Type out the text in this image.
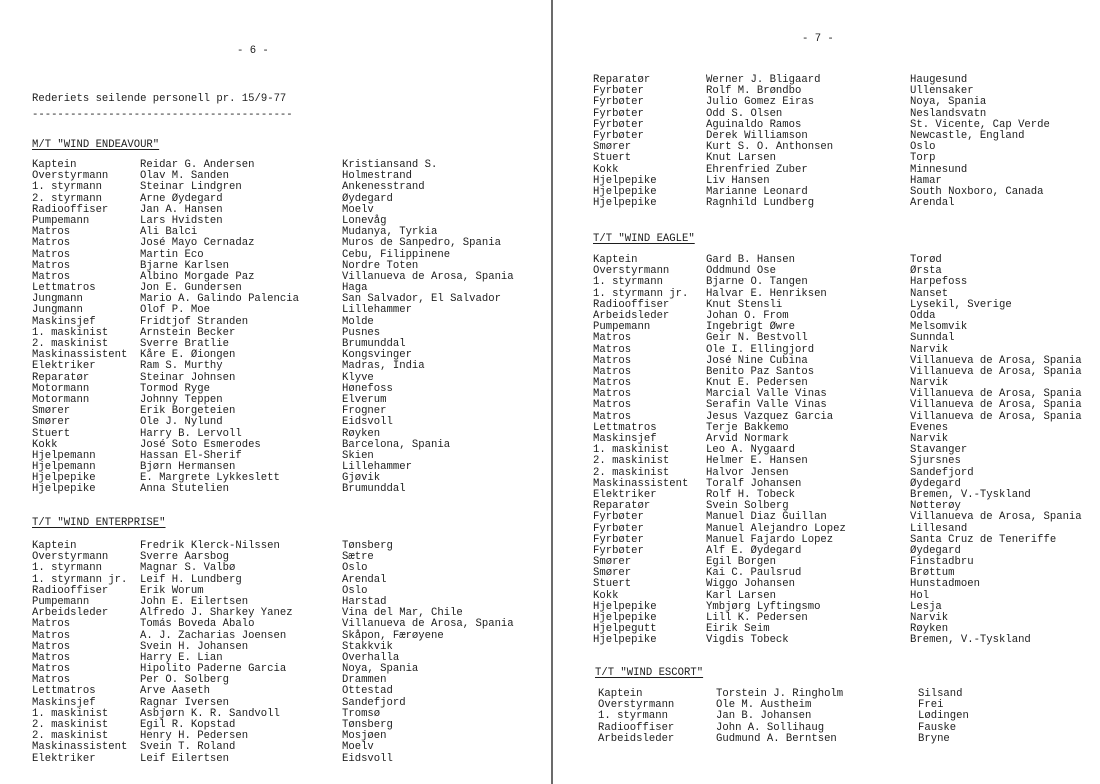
- 6 -
Rederiets seilende personell pr. 15/9-77
-----------------------------------------
M/T "WIND ENDEAVOUR"
Kaptein	Reidar G. Andersen	Kristiansand S.
Overstyrmann	Olav M. Sanden	Holmestrand
1. styrmann	Steinar Lindgren	Ankenesstrand
2. styrmann	Arne Øydegard	Øydegard
Radiooffiser	Jan A. Hansen	Moelv
Pumpemann	Lars Hvidsten	Lonevåg
Matros	Ali Balci	Mudanya, Tyrkia
Matros	José Mayo Cernadaz	Muros de Sanpedro, Spania
Matros	Martin Eco	Cebu, Filippinene
Matros	Bjarne Karlsen	Nordre Toten
Matros	Albino Morgade Paz	Villanueva de Arosa, Spania
Lettmatros	Jon E. Gundersen	Haga
Jungmann	Mario A. Galindo Palencia	San Salvador, El Salvador
Jungmann	Olof P. Moe	Lillehammer
Maskinsjef	Fridtjof Stranden	Molde
1. maskinist	Arnstein Becker	Pusnes
2. maskinist	Sverre Bratlie	Brumunddal
Maskinassistent Kåre E. Øiongen	Kongsvinger
Elektriker	Ram S. Murthy	Madras, India
Reparatør	Steinar Johnsen	Klyve
Motormann	Tormod Ryge	Hønefoss
Motormann	Johnny Teppen	Elverum
Smører	Erik Borgeteien	Frogner
Smører	Ole J. Nylund	Eidsvoll
Stuert	Harry B. Lervoll	Røyken
Kokk	José Soto Esmerodes	Barcelona, Spania
Hjelpemann	Hassan El-Sherif	Skien
Hjelpemann	Bjørn Hermansen	Lillehammer
Hjelpepike	E. Margrete Lykkeslett	Gjøvik
Hjelpepike	Anna Stutelien	Brumunddal
T/T "WIND ENTERPRISE"
Kaptein	Fredrik Klerck-Nilssen	Tønsberg
Overstyrmann	Sverre Aarsbog	Sætre
1. styrmann	Magnar S. Valbø	Oslo
1. styrmann jr. Leif H. Lundberg	Arendal
Radiooffiser	Erik Worum	Oslo
Pumpemann	John E. Eilertsen	Harstad
Arbeidsleder	Alfredo J. Sharkey Yanez	Vina del Mar, Chile
Matros	Tomás Boveda Abalo	Villanueva de Arosa, Spania
Matros	A. J. Zacharias Joensen	Skåpon, Færøyene
Matros	Svein H. Johansen	Stakkvik
Matros	Harry E. Lian	Overhalla
Matros	Hipolito Paderne Garcia	Noya, Spania
Matros	Per O. Solberg	Drammen
Lettmatros	Arve Aaseth	Ottestad
Maskinsjef	Ragnar Iversen	Sandefjord
1. maskinist	Asbjørn K. R. Sandvoll	Tromsø
2. maskinist	Egil R. Kopstad	Tønsberg
2. maskinist	Henry H. Pedersen	Mosjøen
Maskinassistent Svein T. Roland	Moelv
Elektriker	Leif Eilertsen	Eidsvoll
- 7 -
Reparatør	Werner J. Bligaard	Haugesund
Fyrbøter	Rolf M. Brøndbo	Ullensaker
Fyrbøter	Julio Gomez Eiras	Noya, Spania
Fyrbøter	Odd S. Olsen	Neslandsvatn
Fyrbøter	Aguinaldo Ramos	St. Vicente, Cap Verde
Fyrbøter	Derek Williamson	Newcastle, England
Smører	Kurt S. O. Anthonsen	Oslo
Stuert	Knut Larsen	Torp
Kokk	Ehrenfried Zuber	Minnesund
Hjelpepike	Liv Hansen	Hamar
Hjelpepike	Marianne Leonard	South Noxboro, Canada
Hjelpepike	Ragnhild Lundberg	Arendal
T/T "WIND EAGLE"
Kaptein	Gard B. Hansen	Torød
Overstyrmann	Oddmund Ose	Ørsta
1. styrmann	Bjarne O. Tangen	Harpefoss
1. styrmann jr. Halvar E. Henriksen	Nanset
Radiooffiser	Knut Stensli	Lysekil, Sverige
Arbeidsleder	Johan O. From	Odda
Pumpemann	Ingebrigt Øwre	Melsomvik
Matros	Geir N. Bestvoll	Sunndal
Matros	Ole I. Ellingjord	Narvik
Matros	José Nine Cubina	Villanueva de Arosa, Spania
Matros	Benito Paz Santos	Villanueva de Arosa, Spania
Matros	Knut E. Pedersen	Narvik
Matros	Marcial Valle Vinas	Villanueva de Arosa, Spania
Matros	Serafin Valle Vinas	Villanueva de Arosa, Spania
Matros	Jesus Vazquez Garcia	Villanueva de Arosa, Spania
Lettmatros	Terje Bakkemo	Evenes
Maskinsjef	Arvid Normark	Narvik
1. maskinist	Leo A. Nygaard	Stavanger
2. maskinist	Helmer E. Hansen	Sjursnes
2. maskinist	Halvor Jensen	Sandefjord
Maskinassistent Toralf Johansen	Øydegard
Elektriker	Rolf H. Tobeck	Bremen, V.-Tyskland
Reparatør	Svein Solberg	Nøtterøy
Fyrbøter	Manuel Diaz Guillan	Villanueva de Arosa, Spania
Fyrbøter	Manuel Alejandro Lopez	Lillesand
Fyrbøter	Manuel Fajardo Lopez	Santa Cruz de Teneriffe
Fyrbøter	Alf E. Øydegard	Øydegard
Smører	Egil Borgen	Finstadbru
Smører	Kai C. Paulsrud	Brøttum
Stuert	Wiggo Johansen	Hunstadmoen
Kokk	Karl Larsen	Hol
Hjelpepike	Ymbjørg Lyftingsmo	Lesja
Hjelpepike	Lill K. Pedersen	Narvik
Hjelpegutt	Eirik Seim	Røyken
Hjelpepike	Vigdis Tobeck	Bremen, V.-Tyskland
T/T "WIND ESCORT"
Kaptein	Torstein J. Ringholm	Silsand
Overstyrmann	Ole M. Austheim	Frei
1. styrmann	Jan B. Johansen	Lødingen
Radiooffiser	John A. Sollihaug	Fauske
Arbeidsleder	Gudmund A. Berntsen	Bryne
